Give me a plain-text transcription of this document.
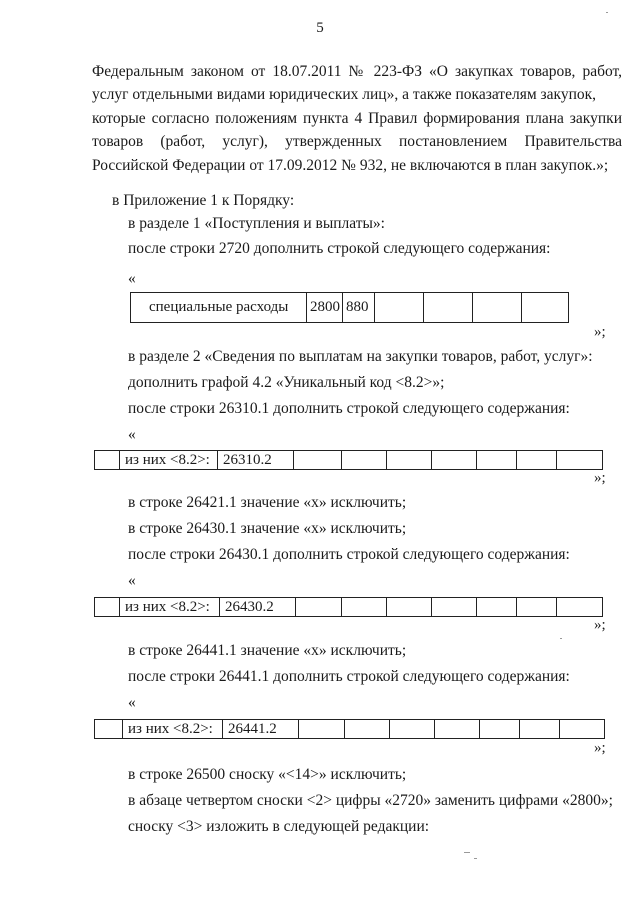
5
Федеральным законом от 18.07.2011 № 223-ФЗ «О закупках товаров, работ,
услуг отдельными видами юридических лиц», а также показателям закупок,
которые согласно положениям пункта 4 Правил формирования плана закупки
товаров (работ, услуг), утвержденных постановлением Правительства
Российской Федерации от 17.09.2012 № 932, не включаются в план закупок.»;
в Приложение 1 к Порядку:
в разделе 1 «Поступления и выплаты»:
после строки 2720 дополнить строкой следующего содержания:
«
специальные расходы	2800	880				
»;
в разделе 2 «Сведения по выплатам на закупки товаров, работ, услуг»:
дополнить графой 4.2 «Уникальный код <8.2>»;
после строки 26310.1 дополнить строкой следующего содержания:
«
	из них <8.2>:	26310.2							
»;
в строке 26421.1 значение «х» исключить;
в строке 26430.1 значение «х» исключить;
после строки 26430.1 дополнить строкой следующего содержания:
«
	из них <8.2>:	26430.2							
»;
в строке 26441.1 значение «х» исключить;
после строки 26441.1 дополнить строкой следующего содержания:
«
	из них <8.2>:	26441.2							
»;
в строке 26500 сноску «<14>» исключить;
в абзаце четвертом сноски <2> цифры «2720» заменить цифрами «2800»;
сноску <3> изложить в следующей редакции:
